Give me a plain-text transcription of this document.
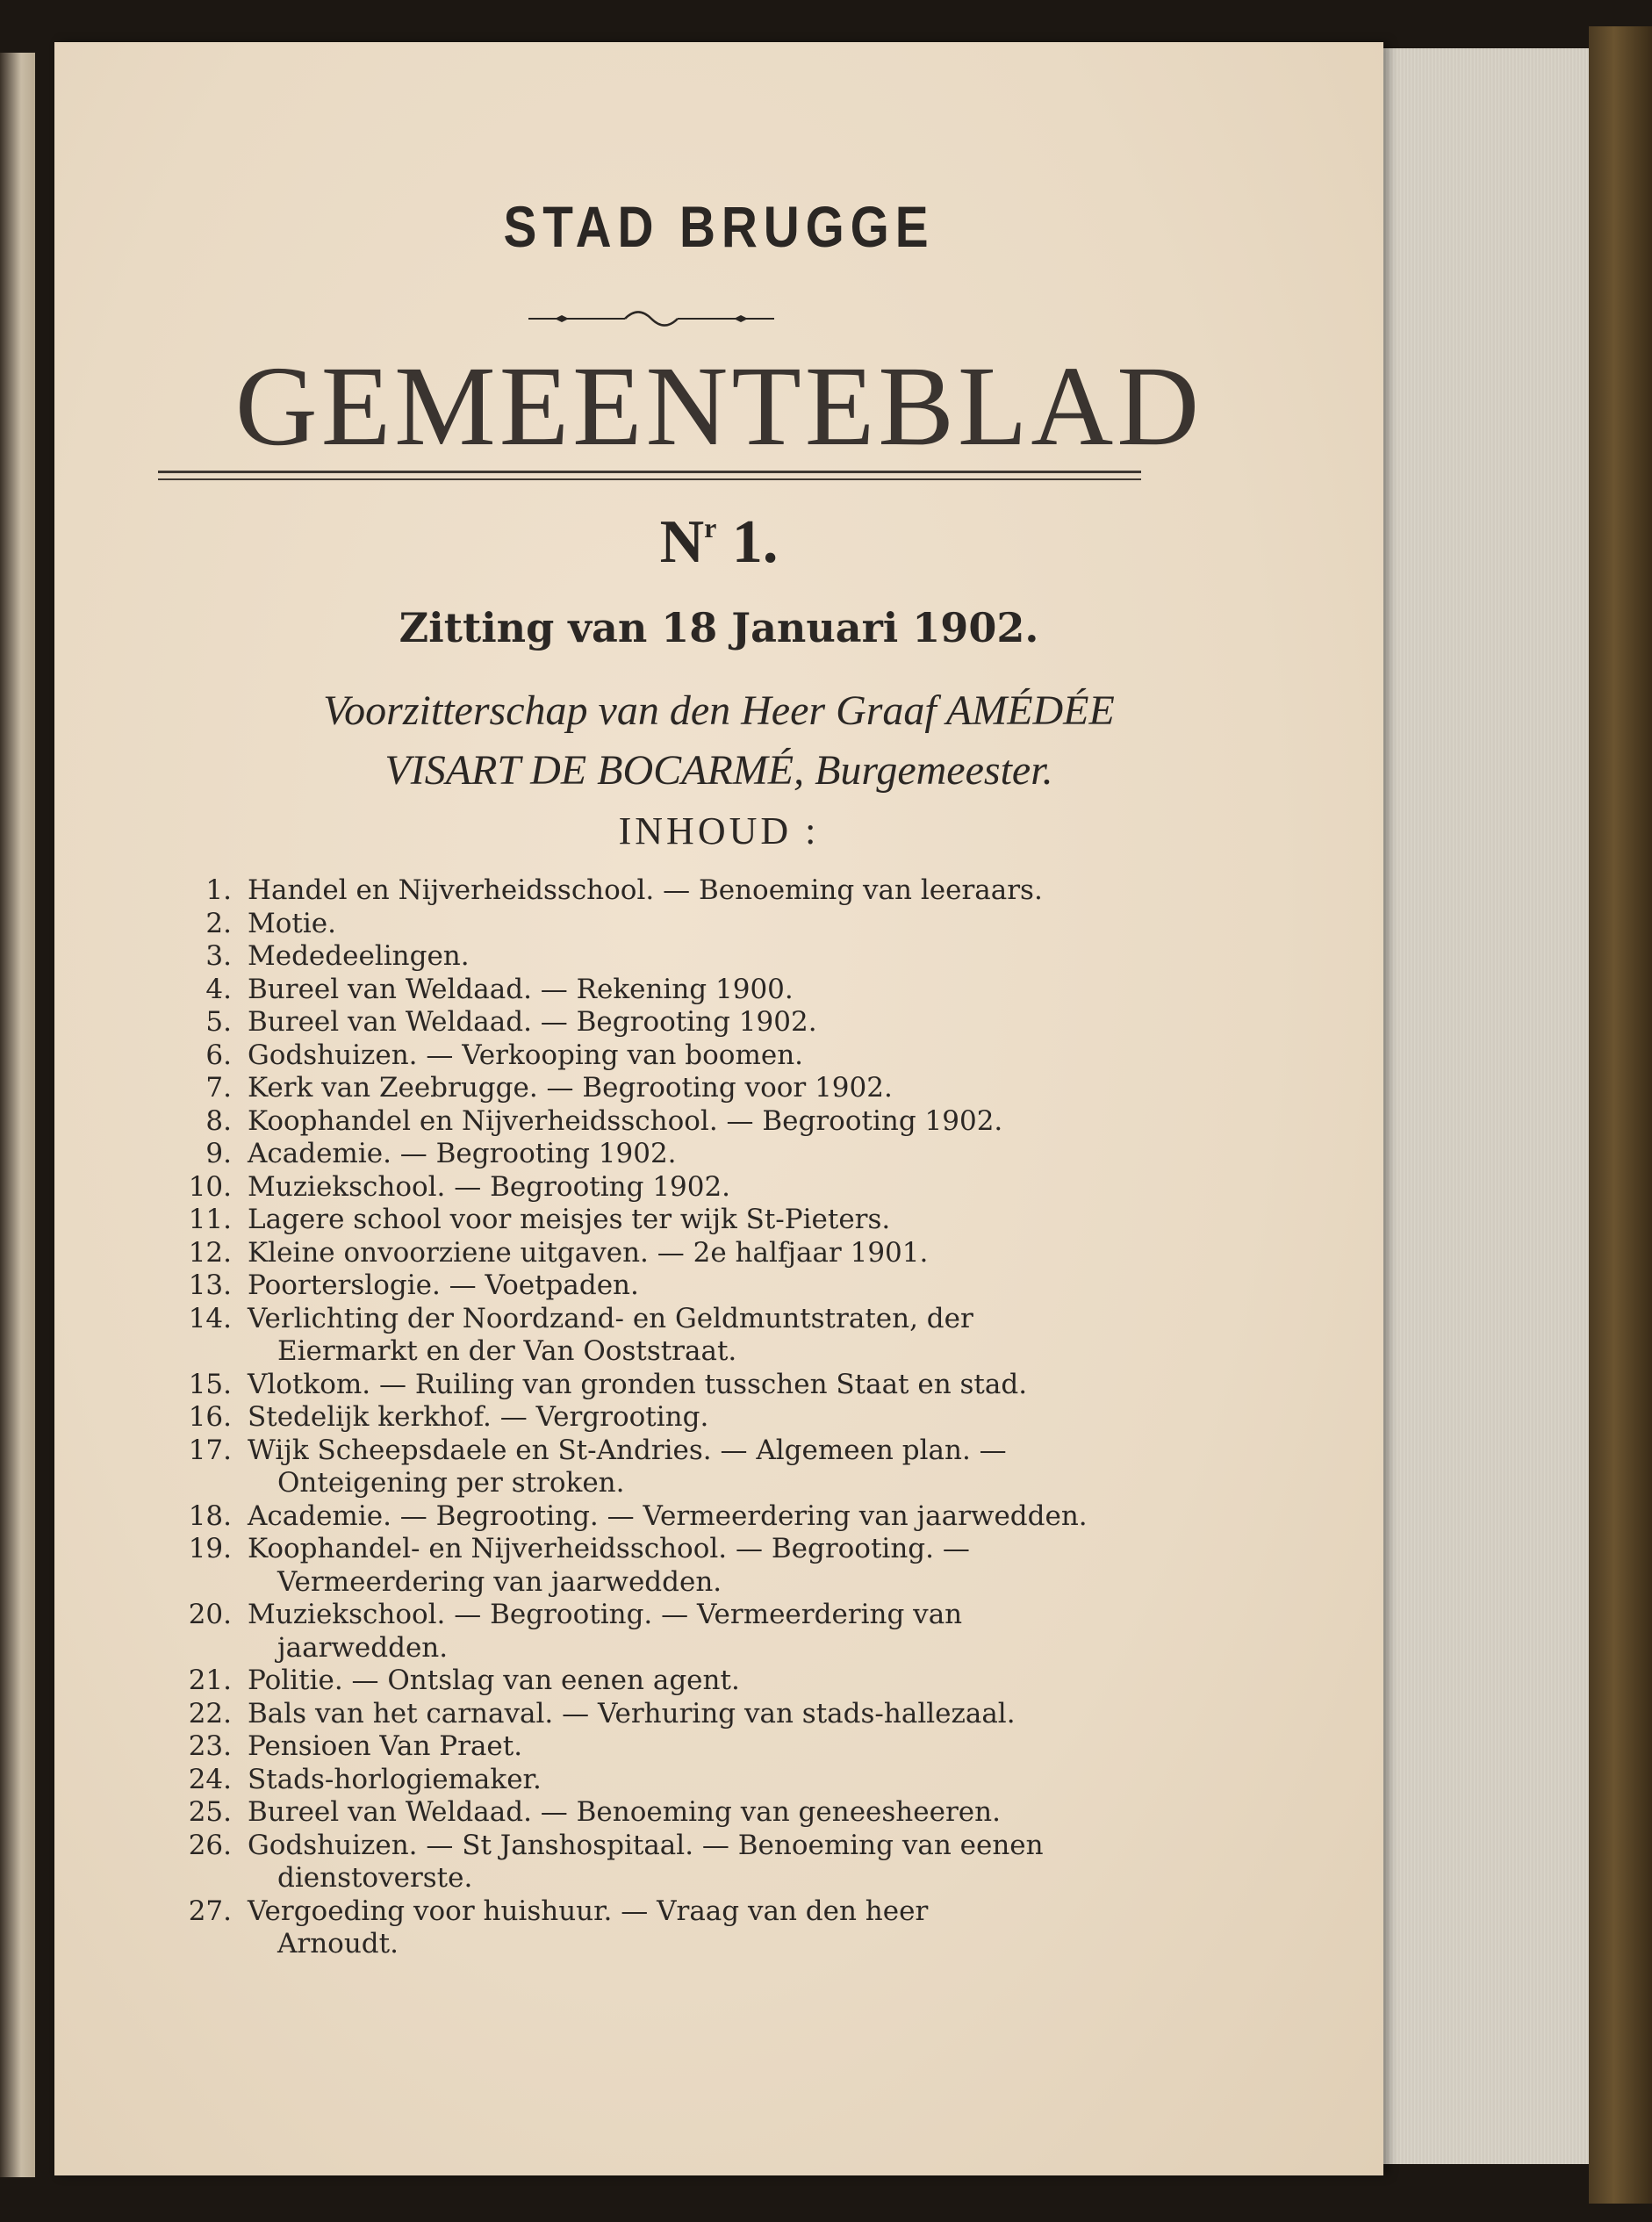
STAD BRUGGE
GEMEENTEBLAD
$N^r$ 1.
Zitting van 18 Januari 1902.
Voorzitterschap van den Heer Graaf AMÉDÉE
VISART DE BOCARMÉ, Burgemeester.
INHOUD :
1. Handel en Nijverheidsschool. — Benoeming van leeraars.
2. Motie.
3. Mededeelingen.
4. Bureel van Weldaad. — Rekening 1900.
5. Bureel van Weldaad. — Begrooting 1902.
6. Godshuizen. — Verkooping van boomen.
7. Kerk van Zeebrugge. — Begrooting voor 1902.
8. Koophandel en Nijverheidsschool. — Begrooting 1902.
9. Academie. — Begrooting 1902.
10. Muziekschool. — Begrooting 1902.
11. Lagere school voor meisjes ter wijk St-Pieters.
12. Kleine onvoorziene uitgaven. — 2e halfjaar 1901.
13. Poorterslogie. — Voetpaden.
14. Verlichting der Noordzand- en Geldmuntstraten, der
Eiermarkt en der Van Ooststraat.
15. Vlotkom. — Ruiling van gronden tusschen Staat en stad.
16. Stedelijk kerkhof. — Vergrooting.
17. Wijk Scheepsdaele en St-Andries. — Algemeen plan. —
Onteigening per stroken.
18. Academie. — Begrooting. — Vermeerdering van jaarwedden.
19. Koophandel- en Nijverheidsschool. — Begrooting. —
Vermeerdering van jaarwedden.
20. Muziekschool. — Begrooting. — Vermeerdering van
jaarwedden.
21. Politie. — Ontslag van eenen agent.
22. Bals van het carnaval. — Verhuring van stads-hallezaal.
23. Pensioen Van Praet.
24. Stads-horlogiemaker.
25. Bureel van Weldaad. — Benoeming van geneesheeren.
26. Godshuizen. — St Janshospitaal. — Benoeming van eenen
dienstoverste.
27. Vergoeding voor huishuur. — Vraag van den heer
Arnoudt.
